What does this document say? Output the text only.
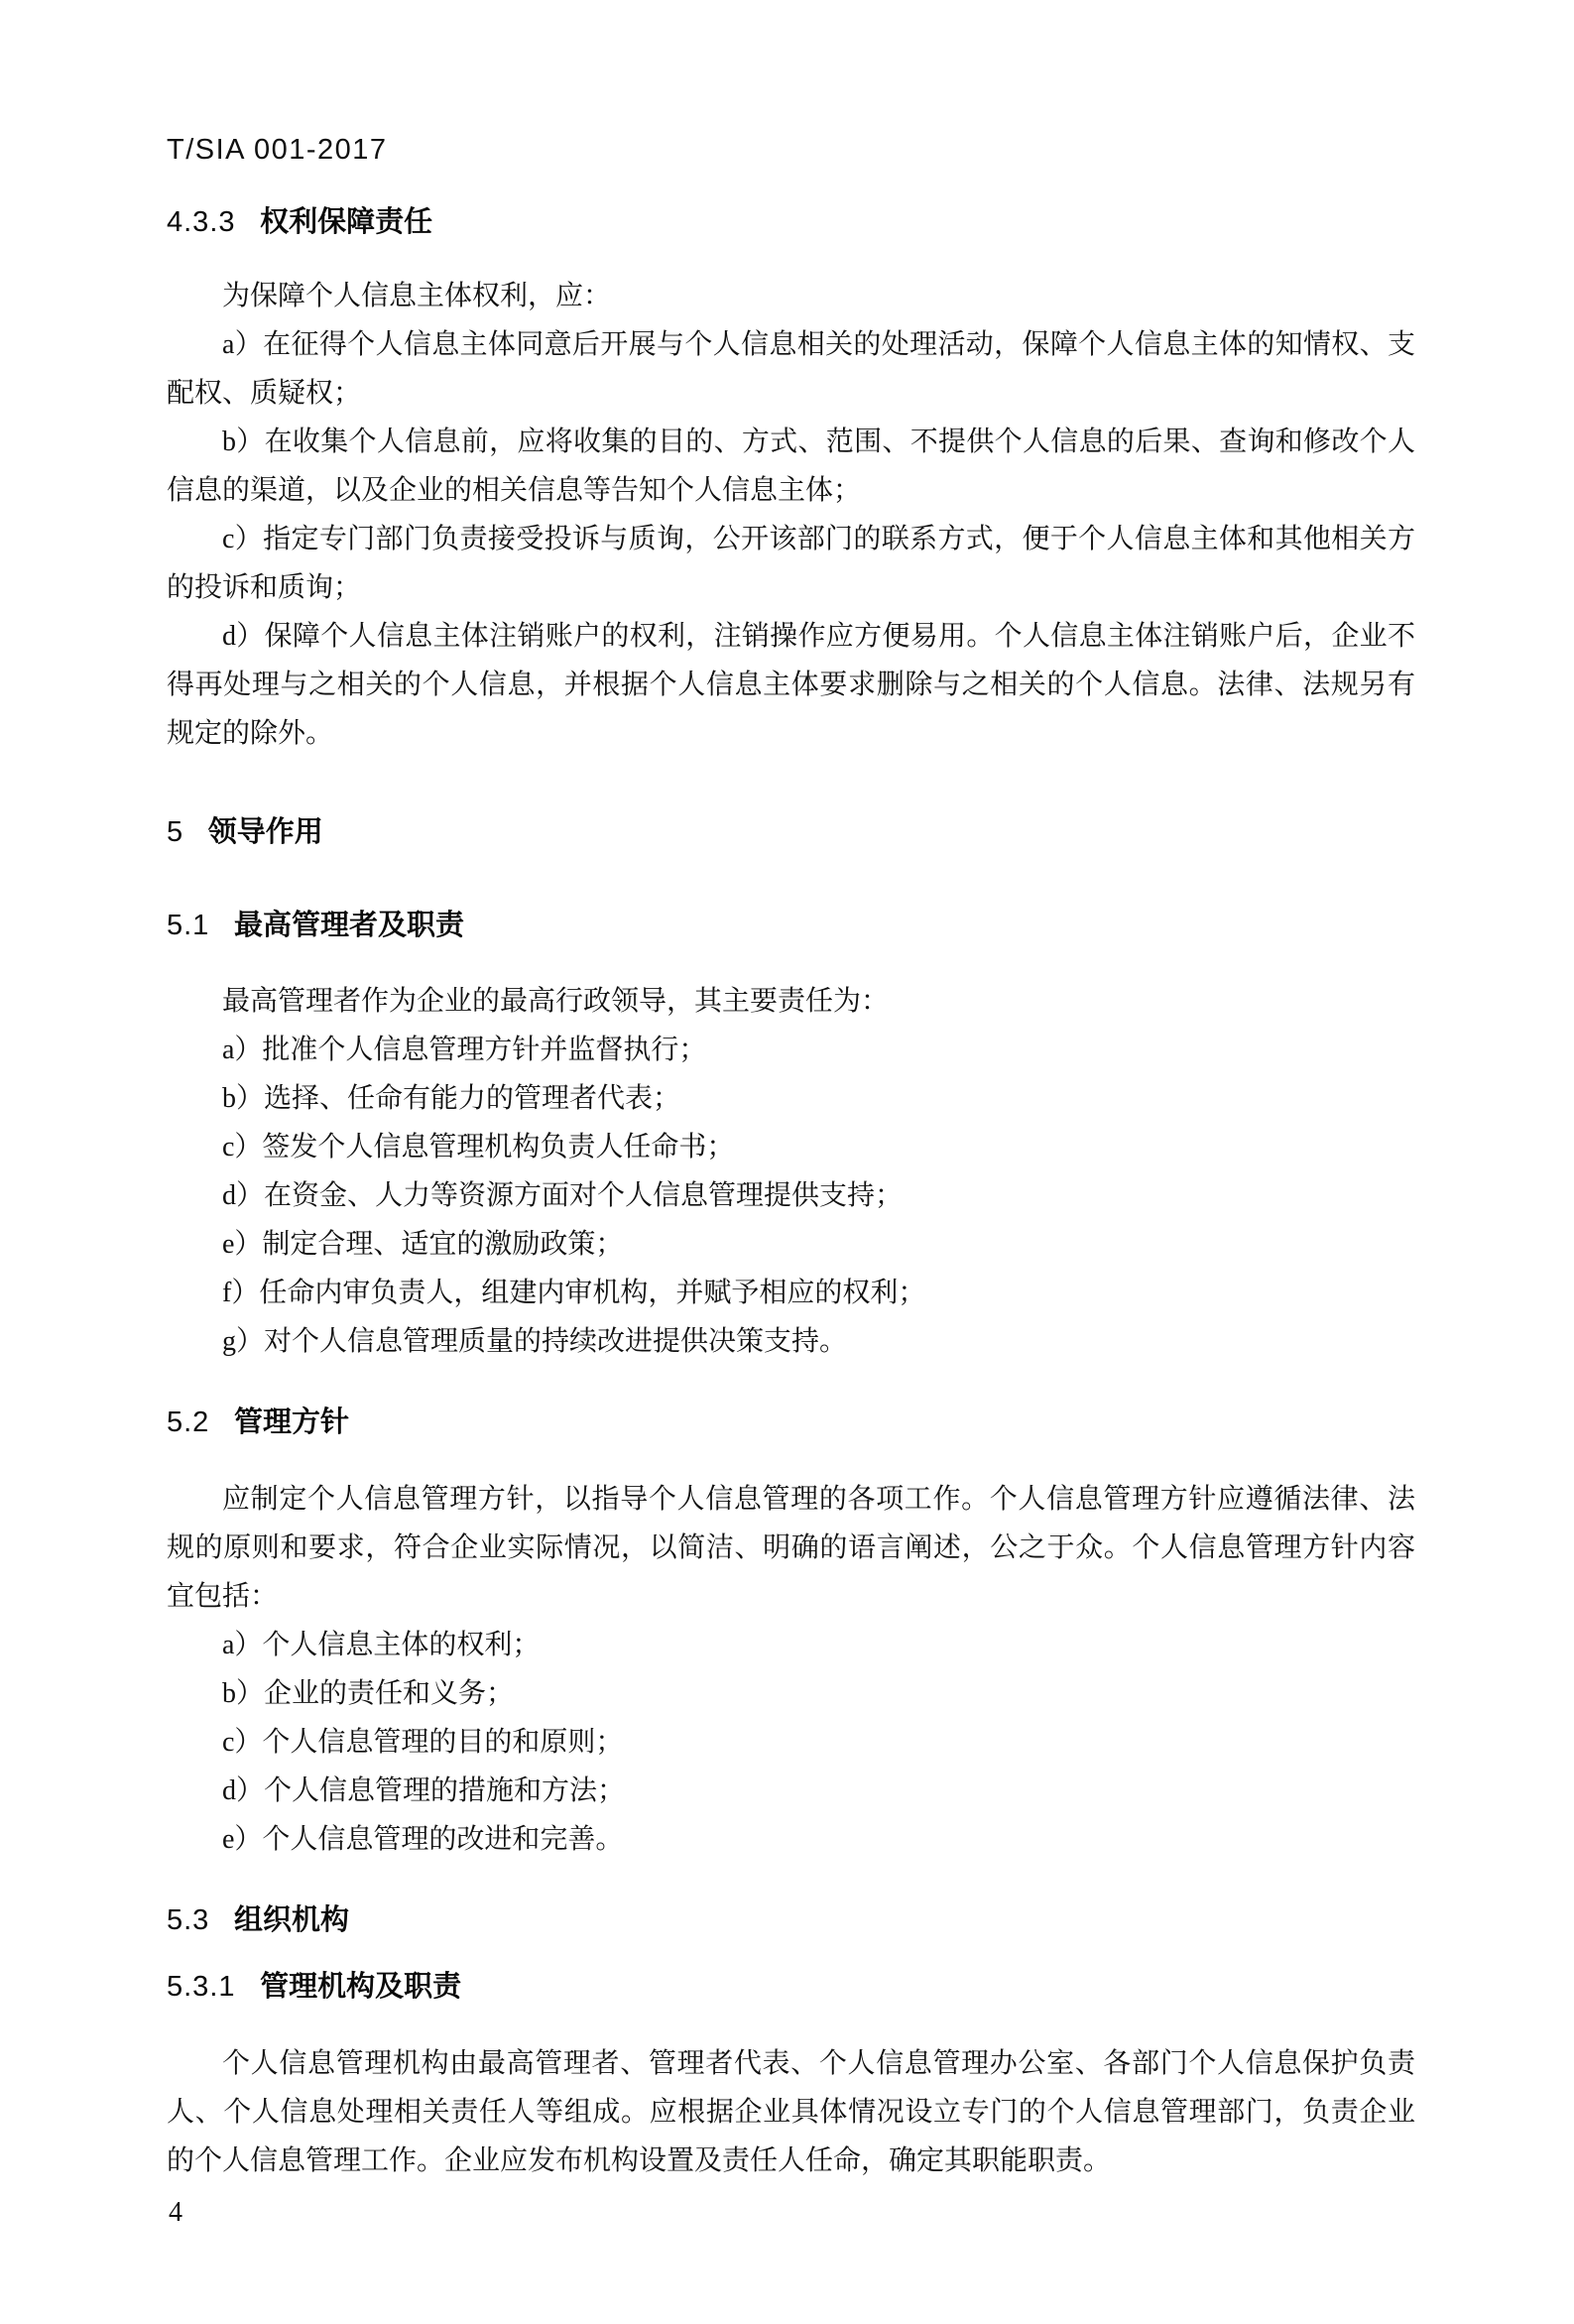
T/SIA 001-2017
4.3.3 权利保障责任

为保障个人信息主体权利，应：

a）在征得个人信息主体同意后开展与个人信息相关的处理活动，保障个人信息主体的知情权、支配权、质疑权；

b）在收集个人信息前，应将收集的目的、方式、范围、不提供个人信息的后果、查询和修改个人信息的渠道，以及企业的相关信息等告知个人信息主体；

c）指定专门部门负责接受投诉与质询，公开该部门的联系方式，便于个人信息主体和其他相关方的投诉和质询；

d）保障个人信息主体注销账户的权利，注销操作应方便易用。个人信息主体注销账户后，企业不得再处理与之相关的个人信息，并根据个人信息主体要求删除与之相关的个人信息。法律、法规另有规定的除外。

5 领导作用
5.1 最高管理者及职责

最高管理者作为企业的最高行政领导，其主要责任为：

a）批准个人信息管理方针并监督执行；

b）选择、任命有能力的管理者代表；

c）签发个人信息管理机构负责人任命书；

d）在资金、人力等资源方面对个人信息管理提供支持；

e）制定合理、适宜的激励政策；

f）任命内审负责人，组建内审机构，并赋予相应的权利；

g）对个人信息管理质量的持续改进提供决策支持。

5.2 管理方针

应制定个人信息管理方针，以指导个人信息管理的各项工作。个人信息管理方针应遵循法律、法规的原则和要求，符合企业实际情况，以简洁、明确的语言阐述，公之于众。个人信息管理方针内容宜包括：

a）个人信息主体的权利；

b）企业的责任和义务；

c）个人信息管理的目的和原则；

d）个人信息管理的措施和方法；

e）个人信息管理的改进和完善。

5.3 组织机构
5.3.1 管理机构及职责

个人信息管理机构由最高管理者、管理者代表、个人信息管理办公室、各部门个人信息保护负责人、个人信息处理相关责任人等组成。应根据企业具体情况设立专门的个人信息管理部门，负责企业的个人信息管理工作。企业应发布机构设置及责任人任命，确定其职能职责。

4
